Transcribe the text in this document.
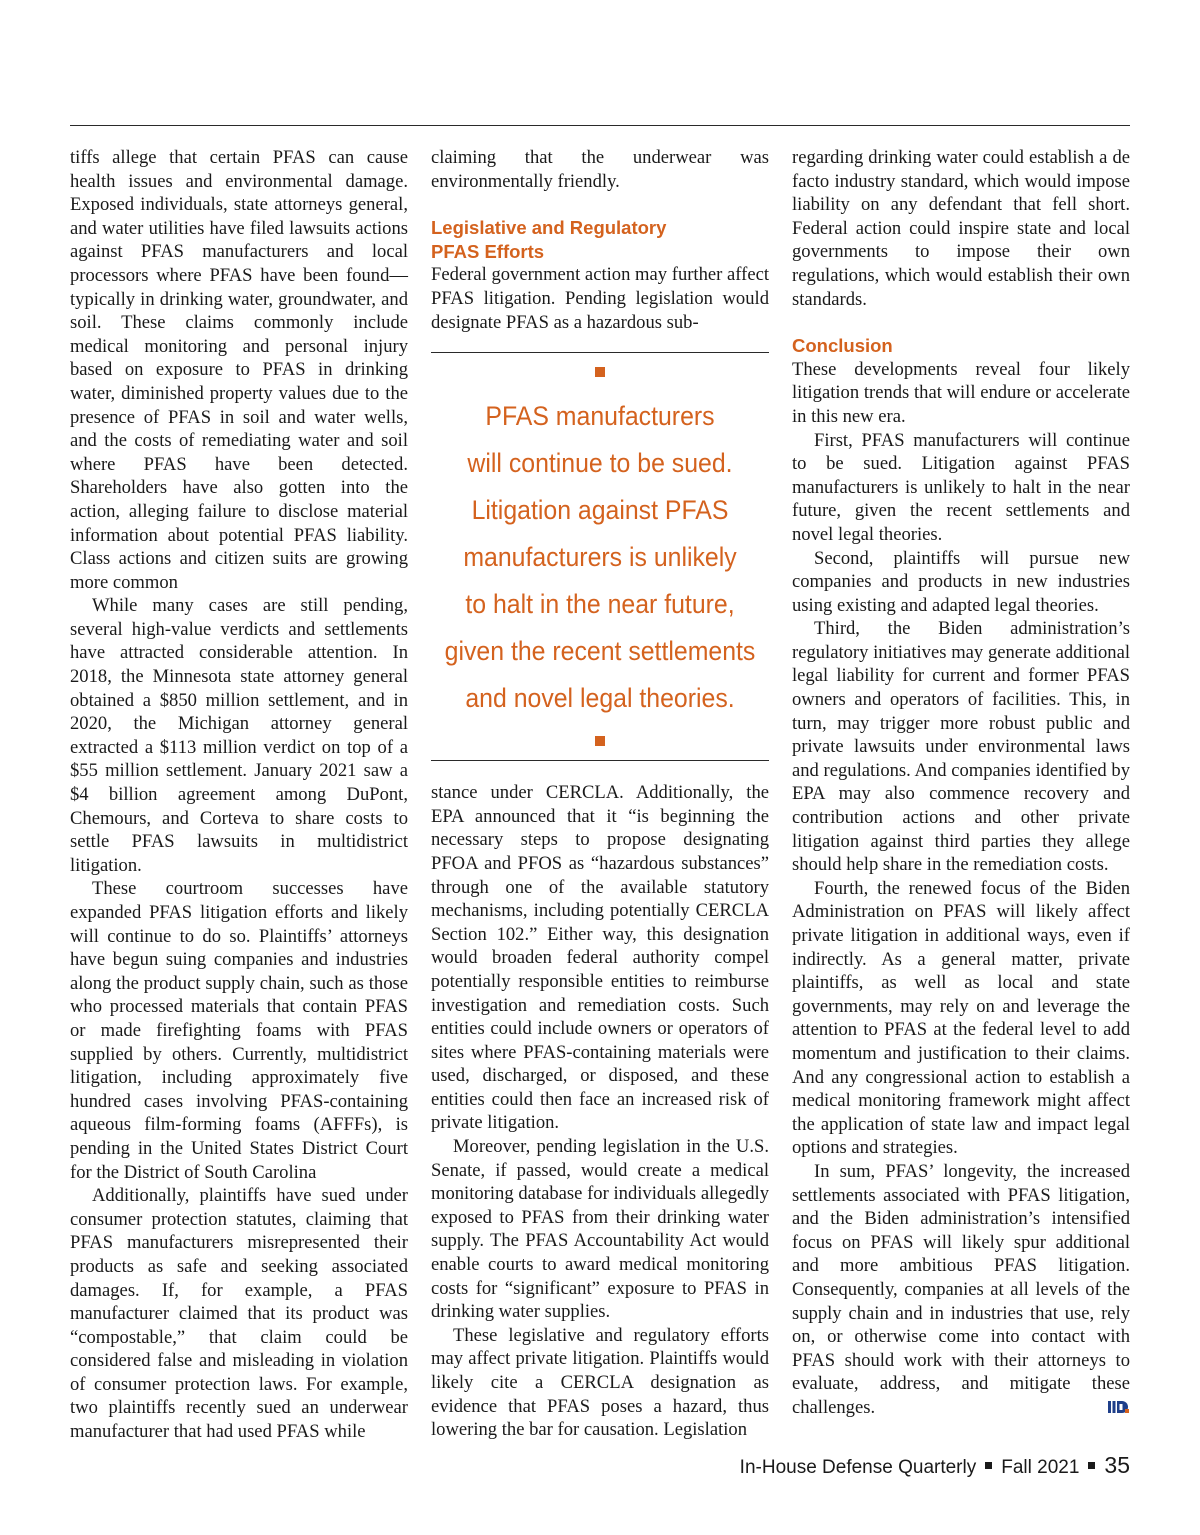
tiffs allege that certain PFAS can cause health issues and environmental damage. Exposed individuals, state attorneys general, and water utilities have filed lawsuits actions against PFAS manufacturers and local processors where PFAS have been found—typically in drinking water, groundwater, and soil. These claims commonly include medical monitoring and personal injury based on exposure to PFAS in drinking water, diminished property values due to the presence of PFAS in soil and water wells, and the costs of remediating water and soil where PFAS have been detected. Shareholders have also gotten into the action, alleging failure to disclose material information about potential PFAS liability. Class actions and citizen suits are growing more common

While many cases are still pending, several high-value verdicts and settlements have attracted considerable attention. In 2018, the Minnesota state attorney general obtained a $850 million settlement, and in 2020, the Michigan attorney general extracted a $113 million verdict on top of a $55 million settlement. January 2021 saw a $4 billion agreement among DuPont, Chemours, and Corteva to share costs to settle PFAS lawsuits in multidistrict litigation.

These courtroom successes have expanded PFAS litigation efforts and likely will continue to do so. Plaintiffs’ attorneys have begun suing companies and industries along the product supply chain, such as those who processed materials that contain PFAS or made firefighting foams with PFAS supplied by others. Currently, multidistrict litigation, including approximately five hundred cases involving PFAS-containing aqueous film-forming foams (AFFFs), is pending in the United States District Court for the District of South Carolina

Additionally, plaintiffs have sued under consumer protection statutes, claiming that PFAS manufacturers misrepresented their products as safe and seeking associated damages. If, for example, a PFAS manufacturer claimed that its product was “compostable,” that claim could be considered false and misleading in violation of consumer protection laws. For example, two plaintiffs recently sued an underwear manufacturer that had used PFAS while

claiming that the underwear was environmentally friendly.

Legislative and Regulatory
PFAS Efforts

Federal government action may further affect PFAS litigation. Pending legislation would designate PFAS as a hazardous sub-

PFAS manufacturers
will continue to be sued.
Litigation against PFAS
manufacturers is unlikely
to halt in the near future,
given the recent settlements
and novel legal theories.

stance under CERCLA. Additionally, the EPA announced that it “is beginning the necessary steps to propose designating PFOA and PFOS as “hazardous substances” through one of the available statutory mechanisms, including potentially CERCLA Section 102.” Either way, this designation would broaden federal authority compel potentially responsible entities to reimburse investigation and remediation costs. Such entities could include owners or operators of sites where PFAS-containing materials were used, discharged, or disposed, and these entities could then face an increased risk of private litigation.

Moreover, pending legislation in the U.S. Senate, if passed, would create a medical monitoring database for individuals allegedly exposed to PFAS from their drinking water supply. The PFAS Accountability Act would enable courts to award medical monitoring costs for “significant” exposure to PFAS in drinking water supplies.

These legislative and regulatory efforts may affect private litigation. Plaintiffs would likely cite a CERCLA designation as evidence that PFAS poses a hazard, thus lowering the bar for causation. Legislation

regarding drinking water could establish a de facto industry standard, which would impose liability on any defendant that fell short. Federal action could inspire state and local governments to impose their own regulations, which would establish their own standards.

Conclusion

These developments reveal four likely litigation trends that will endure or accelerate in this new era.

First, PFAS manufacturers will continue to be sued. Litigation against PFAS manufacturers is unlikely to halt in the near future, given the recent settlements and novel legal theories.

Second, plaintiffs will pursue new companies and products in new industries using existing and adapted legal theories.

Third, the Biden administration’s regulatory initiatives may generate additional legal liability for current and former PFAS owners and operators of facilities. This, in turn, may trigger more robust public and private lawsuits under environmental laws and regulations. And companies identified by EPA may also commence recovery and contribution actions and other private litigation against third parties they allege should help share in the remediation costs.

Fourth, the renewed focus of the Biden Administration on PFAS will likely affect private litigation in additional ways, even if indirectly. As a general matter, private plaintiffs, as well as local and state governments, may rely on and leverage the attention to PFAS at the federal level to add momentum and justification to their claims. And any congressional action to establish a medical monitoring framework might affect the application of state law and impact legal options and strategies.

In sum, PFAS’ longevity, the increased settlements associated with PFAS litigation, and the Biden administration’s intensified focus on PFAS will likely spur additional and more ambitious PFAS litigation. Consequently, companies at all levels of the supply chain and in industries that use, rely on, or otherwise come into contact with PFAS should work with their attorneys to evaluate, address, and mitigate these challenges.

In-House Defense Quarterly Fall 2021 35
